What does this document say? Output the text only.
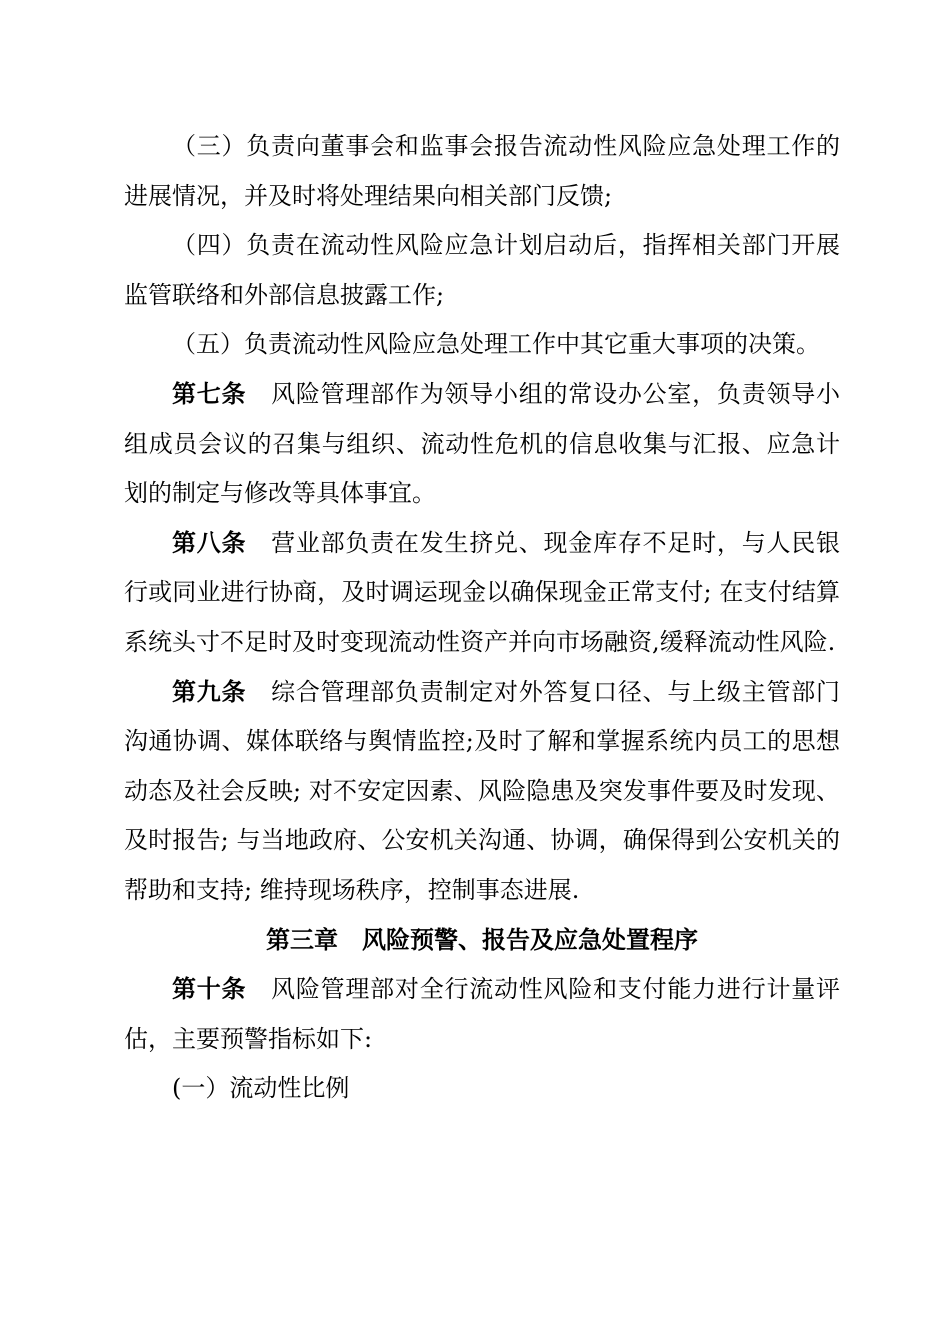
（三）负责向董事会和监事会报告流动性风险应急处理工作的进展情况，并及时将处理结果向相关部门反馈;

（四）负责在流动性风险应急计划启动后，指挥相关部门开展监管联络和外部信息披露工作;

（五）负责流动性风险应急处理工作中其它重大事项的决策。

第七条 风险管理部作为领导小组的常设办公室，负责领导小组成员会议的召集与组织、流动性危机的信息收集与汇报、应急计划的制定与修改等具体事宜。

第八条 营业部负责在发生挤兑、现金库存不足时，与人民银行或同业进行协商，及时调运现金以确保现金正常支付; 在支付结算系统头寸不足时及时变现流动性资产并向市场融资,缓释流动性风险.

第九条 综合管理部负责制定对外答复口径、与上级主管部门沟通协调、媒体联络与舆情监控;及时了解和掌握系统内员工的思想动态及社会反映; 对不安定因素、风险隐患及突发事件要及时发现、及时报告; 与当地政府、公安机关沟通、协调，确保得到公安机关的帮助和支持; 维持现场秩序，控制事态进展.

第三章 风险预警、报告及应急处置程序

第十条 风险管理部对全行流动性风险和支付能力进行计量评估，主要预警指标如下:

(一）流动性比例
